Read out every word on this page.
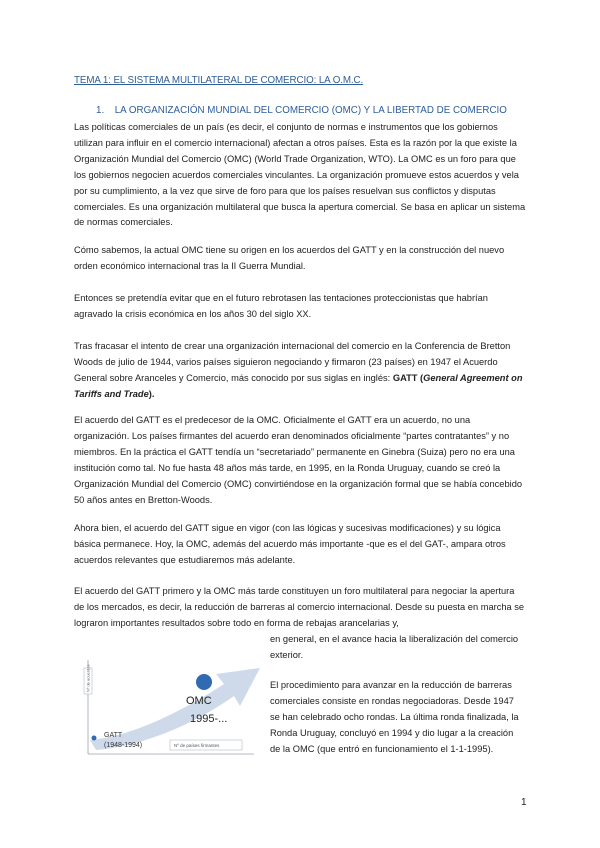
TEMA 1: EL SISTEMA MULTILATERAL DE COMERCIO: LA O.M.C.
1. LA ORGANIZACIÓN MUNDIAL DEL COMERCIO (OMC) Y LA LIBERTAD DE COMERCIO

Las políticas comerciales de un país (es decir, el conjunto de normas e instrumentos que los gobiernos utilizan para influir en el comercio internacional) afectan a otros países. Esta es la razón por la que existe la Organización Mundial del Comercio (OMC) (World Trade Organization, WTO). La OMC es un foro para que los gobiernos negocien acuerdos comerciales vinculantes. La organización promueve estos acuerdos y vela por su cumplimiento, a la vez que sirve de foro para que los países resuelvan sus conflictos y disputas comerciales. Es una organización multilateral que busca la apertura comercial. Se basa en aplicar un sistema de normas comerciales.

Cómo sabemos, la actual OMC tiene su origen en los acuerdos del GATT y en la construcción del nuevo orden económico internacional tras la II Guerra Mundial.

Entonces se pretendía evitar que en el futuro rebrotasen las tentaciones proteccionistas que habrían agravado la crisis económica en los años 30 del siglo XX.

Tras fracasar el intento de crear una organización internacional del comercio en la Conferencia de Bretton Woods de julio de 1944, varios países siguieron negociando y firmaron (23 países) en 1947 el Acuerdo General sobre Aranceles y Comercio, más conocido por sus siglas en inglés: GATT (General Agreement on Tariffs and Trade).

El acuerdo del GATT es el predecesor de la OMC. Oficialmente el GATT era un acuerdo, no una organización. Los países firmantes del acuerdo eran denominados oficialmente “partes contratantes” y no miembros. En la práctica el GATT tendía un “secretariado” permanente en Ginebra (Suiza) pero no era una institución como tal. No fue hasta 48 años más tarde, en 1995, en la Ronda Uruguay, cuando se creó la Organización Mundial del Comercio (OMC) convirtiéndose en la organización formal que se había concebido 50 años antes en Bretton-Woods.

Ahora bien, el acuerdo del GATT sigue en vigor (con las lógicas y sucesivas modificaciones) y su lógica básica permanece. Hoy, la OMC, además del acuerdo más importante -que es el del GAT-, ampara otros acuerdos relevantes que estudiaremos más adelante.

El acuerdo del GATT primero y la OMC más tarde constituyen un foro multilateral para negociar la apertura de los mercados, es decir, la reducción de barreras al comercio internacional. Desde su puesta en marcha se lograron importantes resultados sobre todo en forma de rebajas arancelarias y,

en general, en el avance hacia la liberalización del comercio exterior.

El procedimiento para avanzar en la reducción de barreras comerciales consiste en rondas negociadoras. Desde 1947 se han celebrado ocho rondas. La última ronda finalizada, la Ronda Uruguay, concluyó en 1994 y dio lugar a la creación de la OMC (que entró en funcionamiento el 1-1-1995).

Nº de acuerdos
OMC
1995-...
GATT
(1948-1994)	Nº de países firmantes
1
